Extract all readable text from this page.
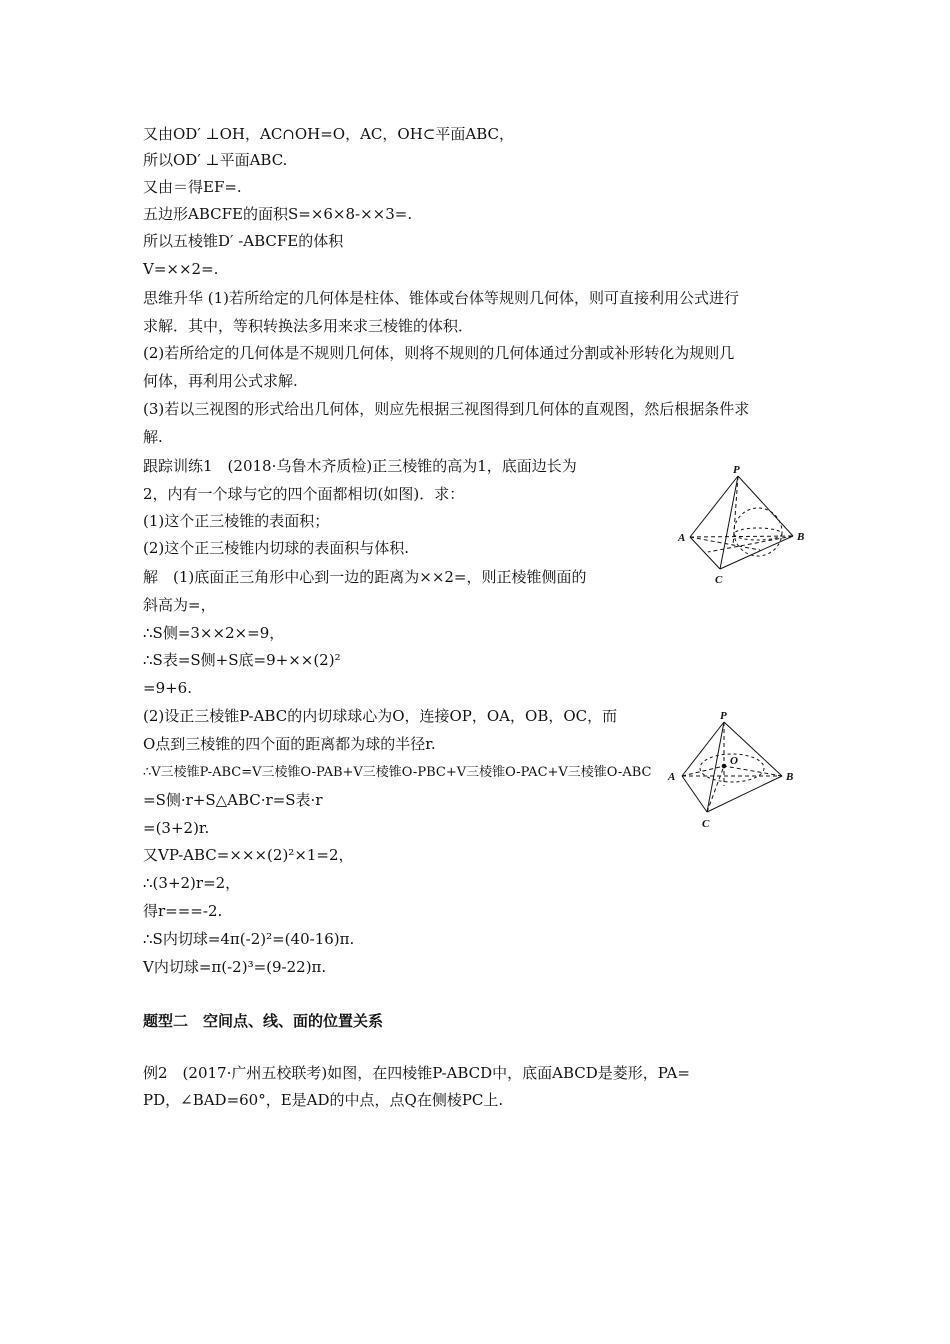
又由OD′ ⊥OH，AC∩OH=O，AC，OH⊂平面ABC，
所以OD′ ⊥平面ABC.
又由＝得EF=.
五边形ABCFE的面积S=×6×8-××3=.
所以五棱锥D′ -ABCFE的体积
V=××2=.
思维升华 (1)若所给定的几何体是柱体、锥体或台体等规则几何体，则可直接利用公式进行
求解．其中，等积转换法多用来求三棱锥的体积．
(2)若所给定的几何体是不规则几何体，则将不规则的几何体通过分割或补形转化为规则几
何体，再利用公式求解.
(3)若以三视图的形式给出几何体，则应先根据三视图得到几何体的直观图，然后根据条件求
解.
跟踪训练1　(2018·乌鲁木齐质检)正三棱锥的高为1，底面边长为
2，内有一个球与它的四个面都相切(如图)．求：
(1)这个正三棱锥的表面积；
(2)这个正三棱锥内切球的表面积与体积.
解　(1)底面正三角形中心到一边的距离为××2=，则正棱锥侧面的
斜高为=，
∴S侧=3××2×=9，
∴S表=S侧+S底=9+××(2)²
=9+6.
(2)设正三棱锥P-ABC的内切球球心为O，连接OP，OA，OB，OC，而
O点到三棱锥的四个面的距离都为球的半径r.
∴V三棱锥P-ABC=V三棱锥O-PAB+V三棱锥O-PBC+V三棱锥O-PAC+V三棱锥O-ABC
=S侧·r+S△ABC·r=S表·r
=(3+2)r.
又VP-ABC=×××(2)²×1=2，
∴(3+2)r=2，
得r===-2.
∴S内切球=4π(-2)²=(40-16)π.
V内切球=π(-2)³=(9-22)π.
题型二　空间点、线、面的位置关系
例2　(2017·广州五校联考)如图，在四棱锥P-ABCD中，底面ABCD是菱形，PA=
PD，∠BAD=60°，E是AD的中点，点Q在侧棱PC上.
P
A	B
C
P
A	B
C
O
